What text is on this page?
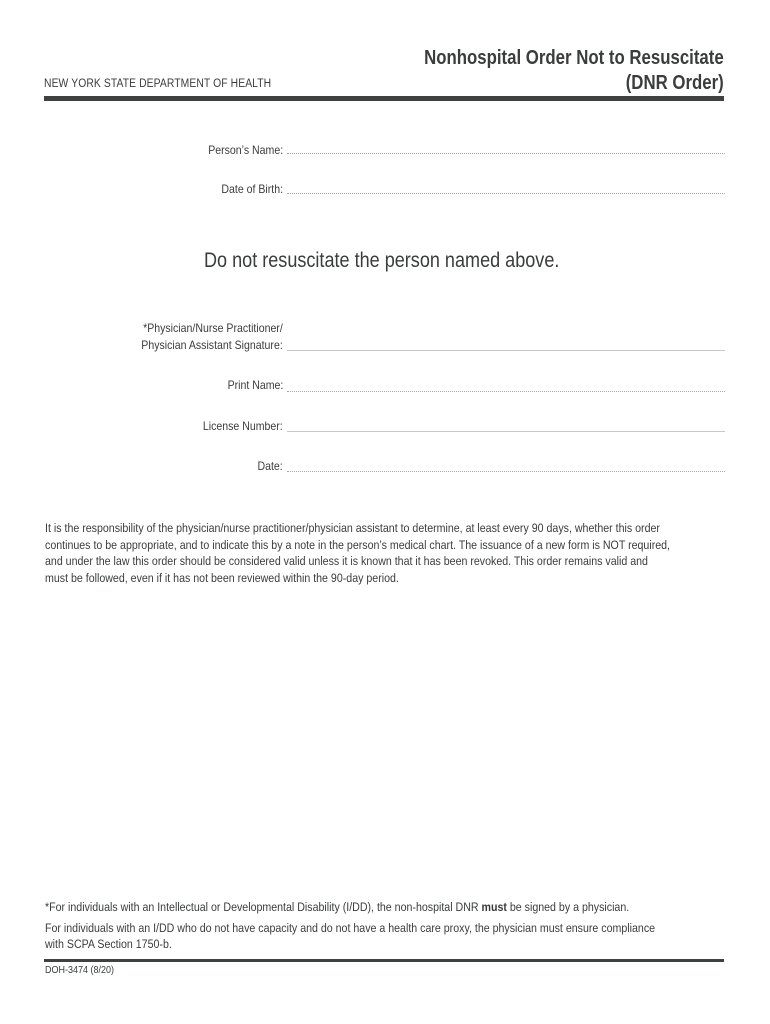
NEW YORK STATE DEPARTMENT OF HEALTH
Nonhospital Order Not to Resuscitate
(DNR Order)
Person’s Name:
Date of Birth:
Do not resuscitate the person named above.
*Physician/Nurse Practitioner/
Physician Assistant Signature:
Print Name:
License Number:
Date:

It is the responsibility of the physician/nurse practitioner/physician assistant to determine, at least every 90 days, whether this order

continues to be appropriate, and to indicate this by a note in the person’s medical chart. The issuance of a new form is NOT required,

and under the law this order should be considered valid unless it is known that it has been revoked. This order remains valid and

must be followed, even if it has not been reviewed within the 90-day period.

*For individuals with an Intellectual or Developmental Disability (I/DD), the non-hospital DNR must be signed by a physician.

For individuals with an I/DD who do not have capacity and do not have a health care proxy, the physician must ensure compliance

with SCPA Section 1750-b.

DOH-3474 (8/20)
